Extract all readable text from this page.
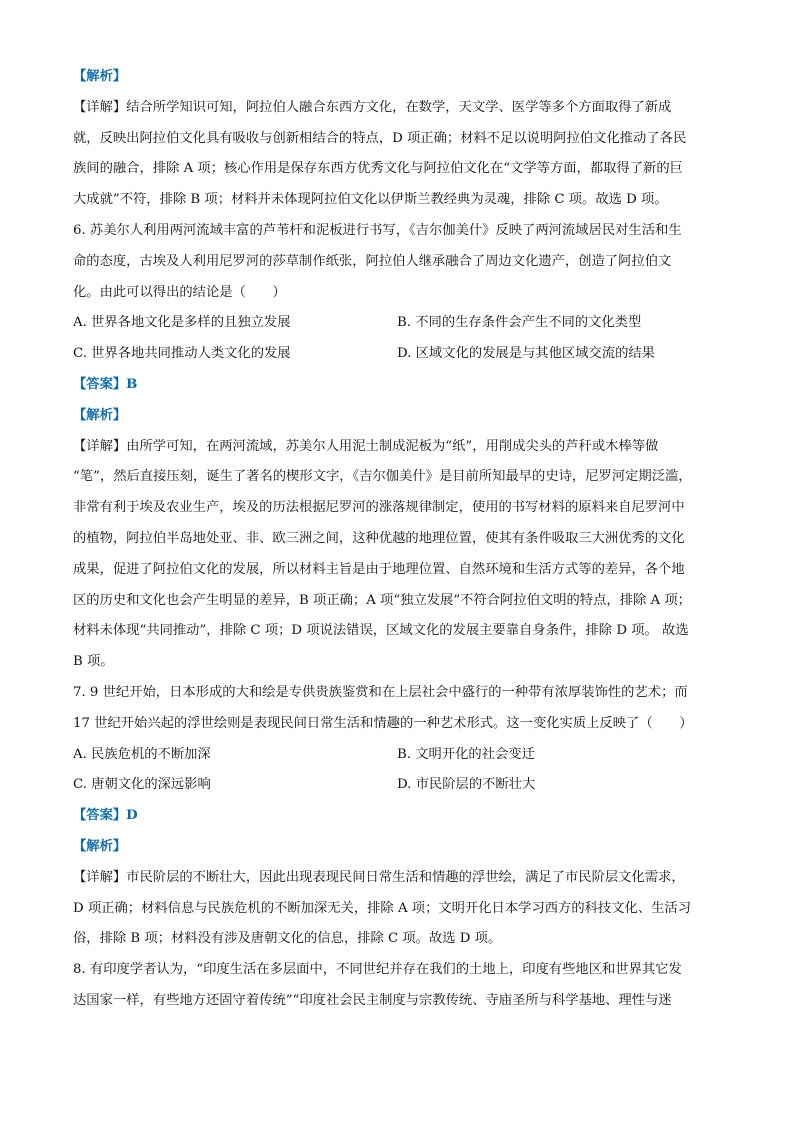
【解析】
【详解】结合所学知识可知，阿拉伯人融合东西方文化，在数学，天文学、医学等多个方面取得了新成
就，反映出阿拉伯文化具有吸收与创新相结合的特点，D 项正确；材料不足以说明阿拉伯文化推动了各民
族间的融合，排除 A 项；核心作用是保存东西方优秀文化与阿拉伯文化在“文学等方面，都取得了新的巨
大成就”不符，排除 B 项；材料并未体现阿拉伯文化以伊斯兰教经典为灵魂，排除 C 项。故选 D 项。
6. 苏美尔人利用两河流域丰富的芦苇杆和泥板进行书写，《吉尔伽美什》反映了两河流域居民对生活和生
命的态度，古埃及人利用尼罗河的莎草制作纸张，阿拉伯人继承融合了周边文化遗产，创造了阿拉伯文
化。由此可以得出的结论是（　　）
A. 世界各地文化是多样的且独立发展	B. 不同的生存条件会产生不同的文化类型
C. 世界各地共同推动人类文化的发展	D. 区域文化的发展是与其他区域交流的结果
【答案】B
【解析】
【详解】由所学可知，在两河流域，苏美尔人用泥土制成泥板为“纸”，用削成尖头的芦秆或木棒等做
“笔”，然后直接压刻，诞生了著名的楔形文字，《吉尔伽美什》是目前所知最早的史诗，尼罗河定期泛滥，
非常有利于埃及农业生产，埃及的历法根据尼罗河的涨落规律制定，使用的书写材料的原料来自尼罗河中
的植物，阿拉伯半岛地处亚、非、欧三洲之间，这种优越的地理位置，使其有条件吸取三大洲优秀的文化
成果，促进了阿拉伯文化的发展，所以材料主旨是由于地理位置、自然环境和生活方式等的差异，各个地
区的历史和文化也会产生明显的差异，B 项正确；A 项“独立发展”不符合阿拉伯文明的特点，排除 A 项；
材料未体现“共同推动”，排除 C 项；D 项说法错误，区域文化的发展主要靠自身条件，排除 D 项。 故选
B 项。
7. 9 世纪开始，日本形成的大和绘是专供贵族鉴赏和在上层社会中盛行的一种带有浓厚装饰性的艺术；而
17 世纪开始兴起的浮世绘则是表现民间日常生活和情趣的一种艺术形式。这一变化实质上反映了（　　）
A. 民族危机的不断加深	B. 文明开化的社会变迁
C. 唐朝文化的深远影响	D. 市民阶层的不断壮大
【答案】D
【解析】
【详解】市民阶层的不断壮大，因此出现表现民间日常生活和情趣的浮世绘，满足了市民阶层文化需求，
D 项正确；材料信息与民族危机的不断加深无关，排除 A 项；文明开化日本学习西方的科技文化、生活习
俗，排除 B 项；材料没有涉及唐朝文化的信息，排除 C 项。故选 D 项。
8. 有印度学者认为，“印度生活在多层面中，不同世纪并存在我们的土地上，印度有些地区和世界其它发
达国家一样，有些地方还固守着传统”“印度社会民主制度与宗教传统、寺庙圣所与科学基地、理性与迷
